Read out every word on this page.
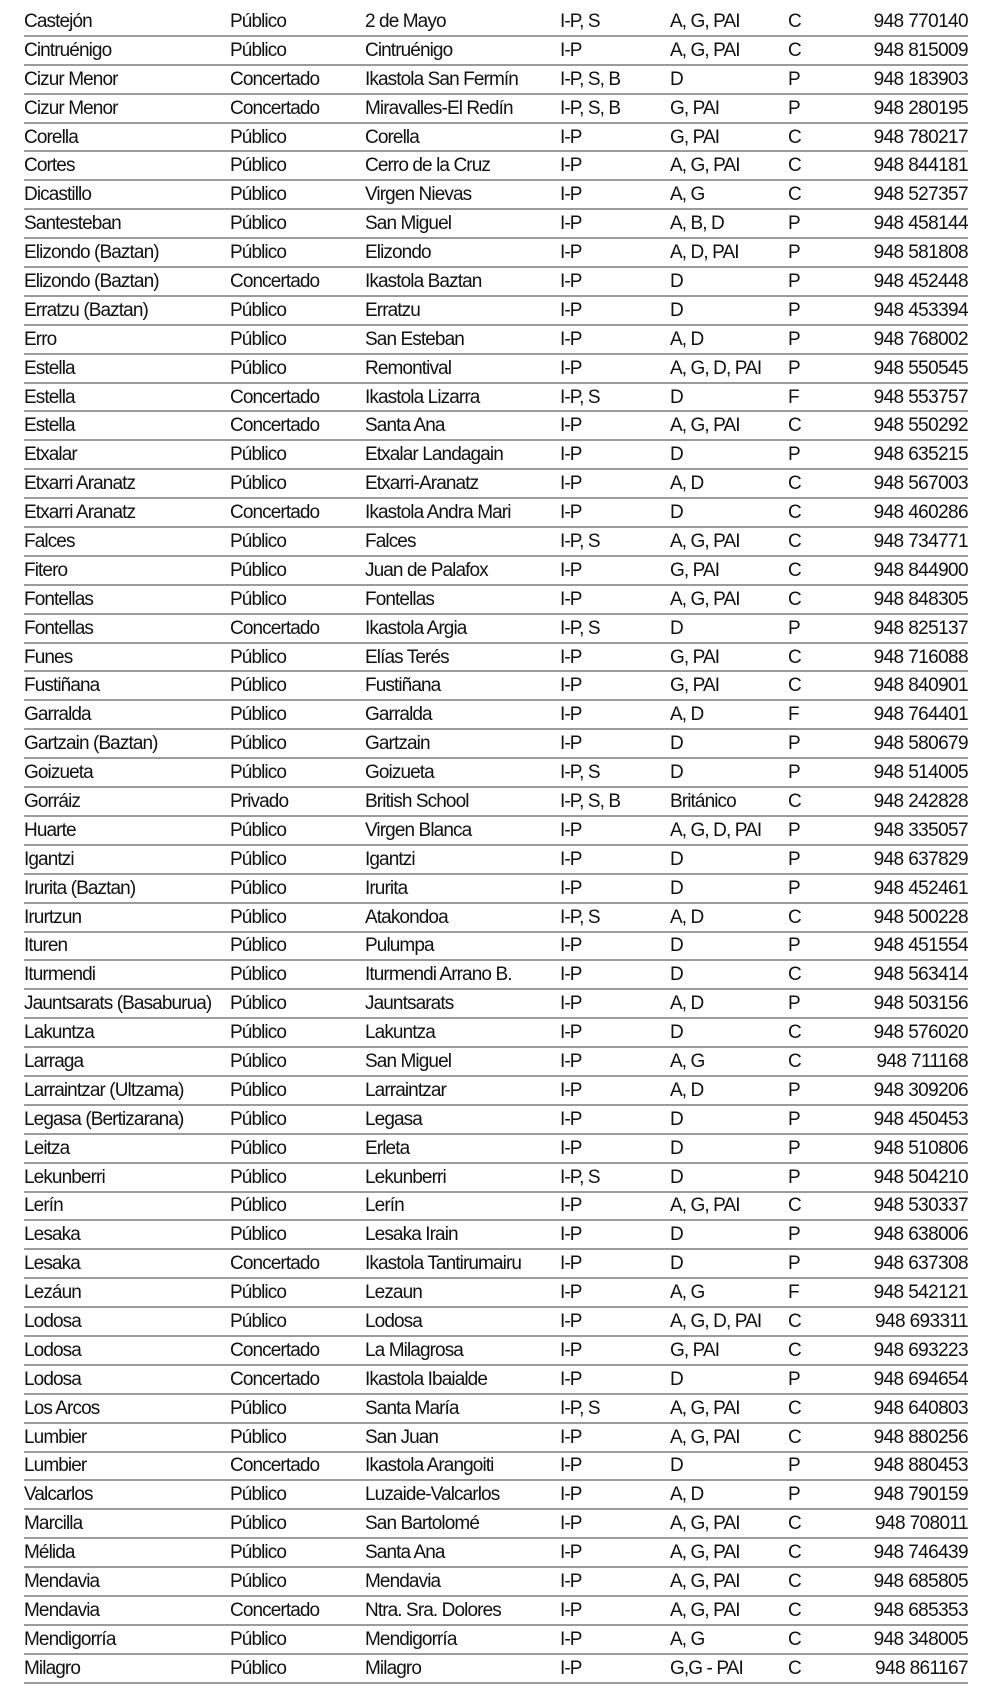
Castejón	Público	2 de Mayo	I-P, S	A, G, PAI	C	948 770140
Cintruénigo	Público	Cintruénigo	I-P	A, G, PAI	C	948 815009
Cizur Menor	Concertado	Ikastola San Fermín	I-P, S, B	D	P	948 183903
Cizur Menor	Concertado	Miravalles-El Redín	I-P, S, B	G, PAI	P	948 280195
Corella	Público	Corella	I-P	G, PAI	C	948 780217
Cortes	Público	Cerro de la Cruz	I-P	A, G, PAI	C	948 844181
Dicastillo	Público	Virgen Nievas	I-P	A, G	C	948 527357
Santesteban	Público	San Miguel	I-P	A, B, D	P	948 458144
Elizondo (Baztan)	Público	Elizondo	I-P	A, D, PAI	P	948 581808
Elizondo (Baztan)	Concertado	Ikastola Baztan	I-P	D	P	948 452448
Erratzu (Baztan)	Público	Erratzu	I-P	D	P	948 453394
Erro	Público	San Esteban	I-P	A, D	P	948 768002
Estella	Público	Remontival	I-P	A, G, D, PAI	P	948 550545
Estella	Concertado	Ikastola Lizarra	I-P, S	D	F	948 553757
Estella	Concertado	Santa Ana	I-P	A, G, PAI	C	948 550292
Etxalar	Público	Etxalar Landagain	I-P	D	P	948 635215
Etxarri Aranatz	Público	Etxarri-Aranatz	I-P	A, D	C	948 567003
Etxarri Aranatz	Concertado	Ikastola Andra Mari	I-P	D	C	948 460286
Falces	Público	Falces	I-P, S	A, G, PAI	C	948 734771
Fitero	Público	Juan de Palafox	I-P	G, PAI	C	948 844900
Fontellas	Público	Fontellas	I-P	A, G, PAI	C	948 848305
Fontellas	Concertado	Ikastola Argia	I-P, S	D	P	948 825137
Funes	Público	Elías Terés	I-P	G, PAI	C	948 716088
Fustiñana	Público	Fustiñana	I-P	G, PAI	C	948 840901
Garralda	Público	Garralda	I-P	A, D	F	948 764401
Gartzain (Baztan)	Público	Gartzain	I-P	D	P	948 580679
Goizueta	Público	Goizueta	I-P, S	D	P	948 514005
Gorráiz	Privado	British School	I-P, S, B	Británico	C	948 242828
Huarte	Público	Virgen Blanca	I-P	A, G, D, PAI	P	948 335057
Igantzi	Público	Igantzi	I-P	D	P	948 637829
Irurita (Baztan)	Público	Irurita	I-P	D	P	948 452461
Irurtzun	Público	Atakondoa	I-P, S	A, D	C	948 500228
Ituren	Público	Pulumpa	I-P	D	P	948 451554
Iturmendi	Público	Iturmendi Arrano B.	I-P	D	C	948 563414
Jauntsarats (Basaburua)	Público	Jauntsarats	I-P	A, D	P	948 503156
Lakuntza	Público	Lakuntza	I-P	D	C	948 576020
Larraga	Público	San Miguel	I-P	A, G	C	948 711168
Larraintzar (Ultzama)	Público	Larraintzar	I-P	A, D	P	948 309206
Legasa (Bertizarana)	Público	Legasa	I-P	D	P	948 450453
Leitza	Público	Erleta	I-P	D	P	948 510806
Lekunberri	Público	Lekunberri	I-P, S	D	P	948 504210
Lerín	Público	Lerín	I-P	A, G, PAI	C	948 530337
Lesaka	Público	Lesaka Irain	I-P	D	P	948 638006
Lesaka	Concertado	Ikastola Tantirumairu	I-P	D	P	948 637308
Lezáun	Público	Lezaun	I-P	A, G	F	948 542121
Lodosa	Público	Lodosa	I-P	A, G, D, PAI	C	948 693311
Lodosa	Concertado	La Milagrosa	I-P	G, PAI	C	948 693223
Lodosa	Concertado	Ikastola Ibaialde	I-P	D	P	948 694654
Los Arcos	Público	Santa María	I-P, S	A, G, PAI	C	948 640803
Lumbier	Público	San Juan	I-P	A, G, PAI	C	948 880256
Lumbier	Concertado	Ikastola Arangoiti	I-P	D	P	948 880453
Valcarlos	Público	Luzaide-Valcarlos	I-P	A, D	P	948 790159
Marcilla	Público	San Bartolomé	I-P	A, G, PAI	C	948 708011
Mélida	Público	Santa Ana	I-P	A, G, PAI	C	948 746439
Mendavia	Público	Mendavia	I-P	A, G, PAI	C	948 685805
Mendavia	Concertado	Ntra. Sra. Dolores	I-P	A, G, PAI	C	948 685353
Mendigorría	Público	Mendigorría	I-P	A, G	C	948 348005
Milagro	Público	Milagro	I-P	G,G - PAI	C	948 861167
